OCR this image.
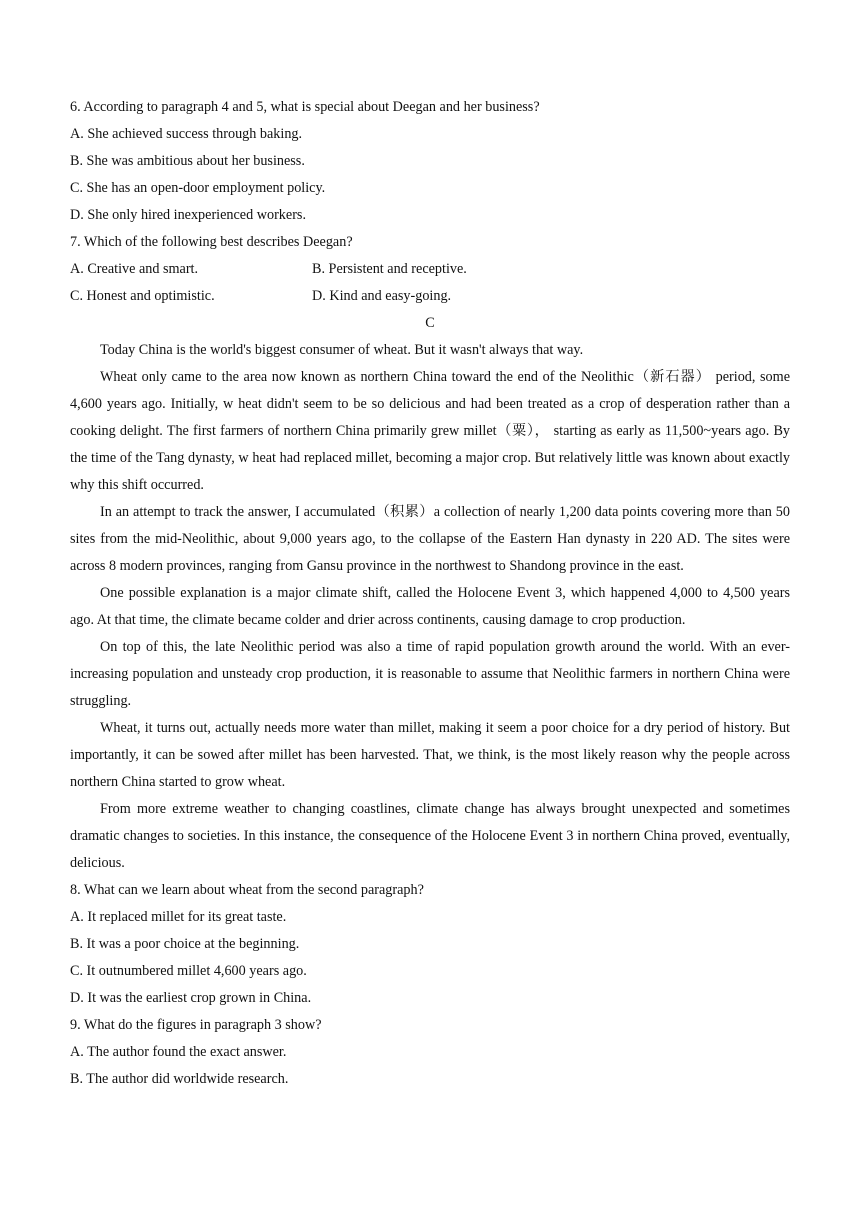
6. According to paragraph 4 and 5, what is special about Deegan and her business?
A. She achieved success through baking.
B. She was ambitious about her business.
C. She has an open-door employment policy.
D. She only hired inexperienced workers.
7. Which of the following best describes Deegan?
A. Creative and smart.	B. Persistent and receptive.
C. Honest and optimistic.	D. Kind and easy-going.
C

Today China is the world's biggest consumer of wheat. But it wasn't always that way.

Wheat only came to the area now known as northern China toward the end of the Neolithic（新石器） period, some 4,600 years ago. Initially, w heat didn't seem to be so delicious and had been treated as a crop of desperation rather than a cooking delight. The first farmers of northern China primarily grew millet（粟）， starting as early as 11,500~years ago. By the time of the Tang dynasty, w heat had replaced millet, becoming a major crop. But relatively little was known about exactly why this shift occurred.

In an attempt to track the answer, I accumulated（积累）a collection of nearly 1,200 data points covering more than 50 sites from the mid-Neolithic, about 9,000 years ago, to the collapse of the Eastern Han dynasty in 220 AD. The sites were across 8 modern provinces, ranging from Gansu province in the northwest to Shandong province in the east.

One possible explanation is a major climate shift, called the Holocene Event 3, which happened 4,000 to 4,500 years ago. At that time, the climate became colder and drier across continents, causing damage to crop production.

On top of this, the late Neolithic period was also a time of rapid population growth around the world. With an ever-increasing population and unsteady crop production, it is reasonable to assume that Neolithic farmers in northern China were struggling.

Wheat, it turns out, actually needs more water than millet, making it seem a poor choice for a dry period of history. But importantly, it can be sowed after millet has been harvested. That, we think, is the most likely reason why the people across northern China started to grow wheat.

From more extreme weather to changing coastlines, climate change has always brought unexpected and sometimes dramatic changes to societies. In this instance, the consequence of the Holocene Event 3 in northern China proved, eventually, delicious.

8. What can we learn about wheat from the second paragraph?
A. It replaced millet for its great taste.
B. It was a poor choice at the beginning.
C. It outnumbered millet 4,600 years ago.
D. It was the earliest crop grown in China.
9. What do the figures in paragraph 3 show?
A. The author found the exact answer.
B. The author did worldwide research.
